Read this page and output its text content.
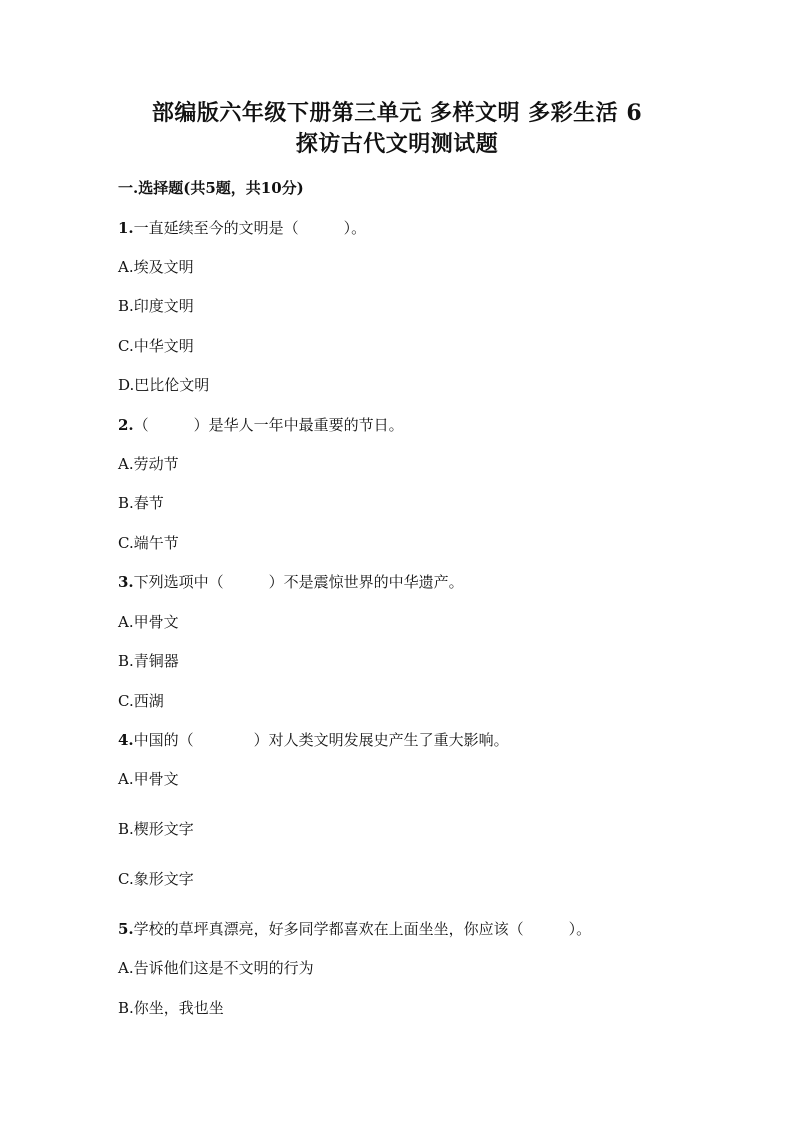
部编版六年级下册第三单元 多样文明 多彩生活 6
探访古代文明测试题
一.选择题(共5题，共10分)
1.一直延续至今的文明是（　　　）。
A.埃及文明
B.印度文明
C.中华文明
D.巴比伦文明
2.（　　　）是华人一年中最重要的节日。
A.劳动节
B.春节
C.端午节
3.下列选项中（　　　）不是震惊世界的中华遗产。
A.甲骨文
B.青铜器
C.西湖
4.中国的（　　　　）对人类文明发展史产生了重大影响。
A.甲骨文
B.楔形文字
C.象形文字
5.学校的草坪真漂亮，好多同学都喜欢在上面坐坐，你应该（　　　）。
A.告诉他们这是不文明的行为
B.你坐，我也坐
